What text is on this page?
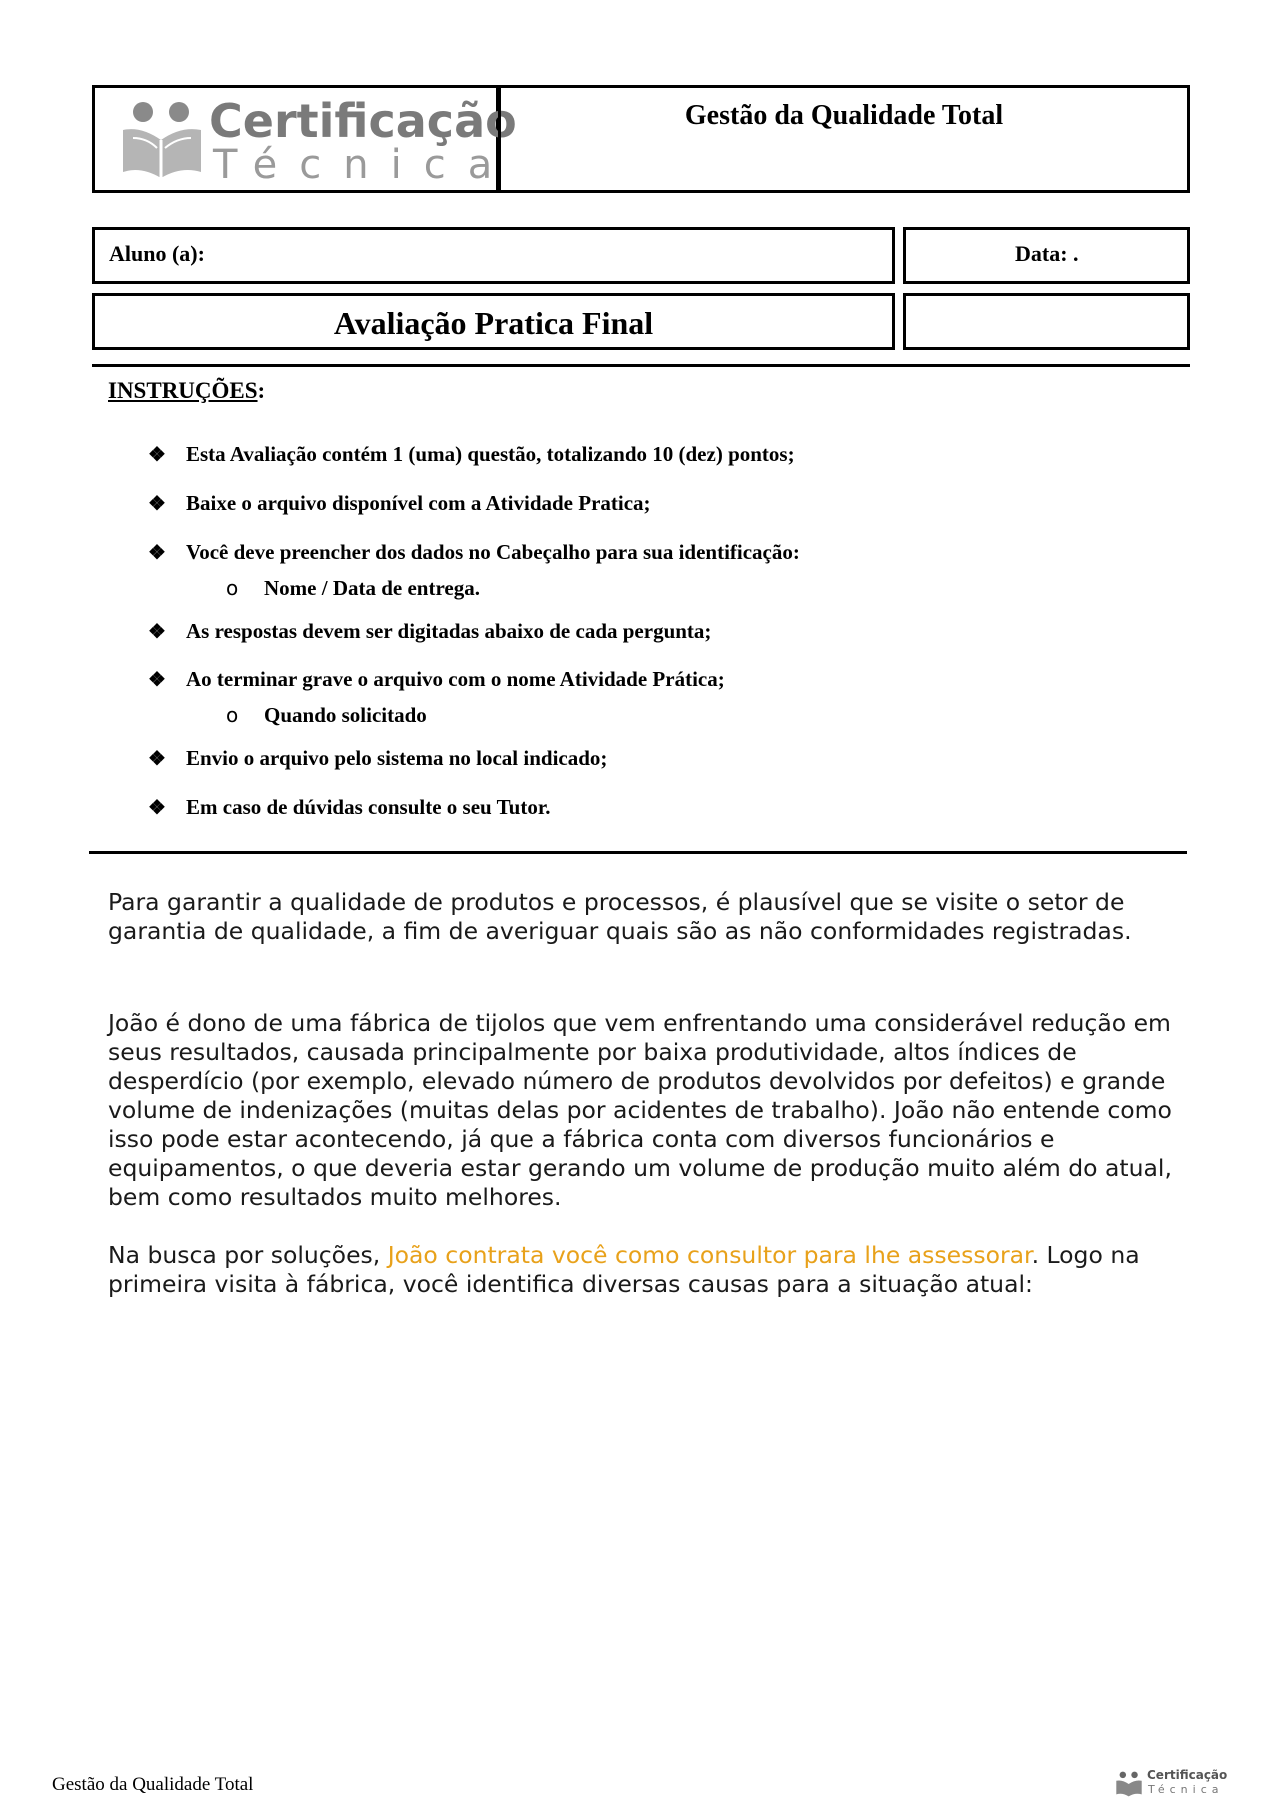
Certificação
Técnica
Gestão da Qualidade Total
Aluno (a):	Data: .
Avaliação Pratica Final
INSTRUÇÕES:
❖ Esta Avaliação contém 1 (uma) questão, totalizando 10 (dez) pontos;
❖ Baixe o arquivo disponível com a Atividade Pratica;
❖ Você deve preencher dos dados no Cabeçalho para sua identificação:
o Nome / Data de entrega.
❖ As respostas devem ser digitadas abaixo de cada pergunta;
❖ Ao terminar grave o arquivo com o nome Atividade Prática;
o Quando solicitado
❖ Envio o arquivo pelo sistema no local indicado;
❖ Em caso de dúvidas consulte o seu Tutor.

Para garantir a qualidade de produtos e processos, é plausível que se visite o setor de garantia de qualidade, a fim de averiguar quais são as não conformidades registradas.

João é dono de uma fábrica de tijolos que vem enfrentando uma considerável redução em seus resultados, causada principalmente por baixa produtividade, altos índices de desperdício (por exemplo, elevado número de produtos devolvidos por defeitos) e grande volume de indenizações (muitas delas por acidentes de trabalho). João não entende como isso pode estar acontecendo, já que a fábrica conta com diversos funcionários e equipamentos, o que deveria estar gerando um volume de produção muito além do atual, bem como resultados muito melhores.

Na busca por soluções, João contrata você como consultor para lhe assessorar. Logo na primeira visita à fábrica, você identifica diversas causas para a situação atual:

Gestão da Qualidade Total	Certificação
Técnica
